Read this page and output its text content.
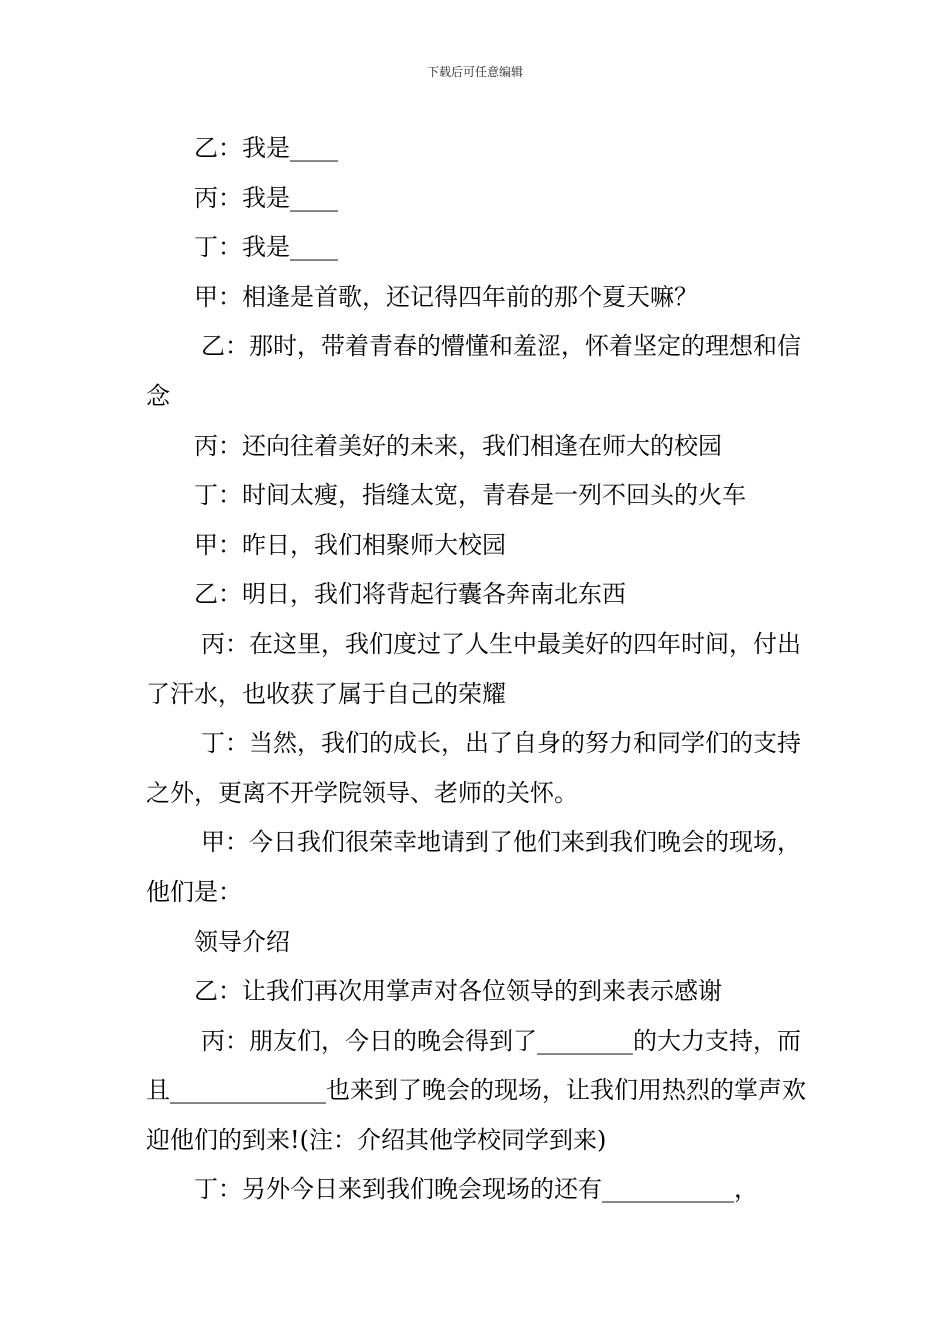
下载后可任意编辑

乙：我是____

丙：我是____

丁：我是____

甲：相逢是首歌，还记得四年前的那个夏天嘛？

乙：那时，带着青春的懵懂和羞涩，怀着坚定的理想和信念

丙：还向往着美好的未来，我们相逢在师大的校园

丁：时间太瘦，指缝太宽，青春是一列不回头的火车

甲：昨日，我们相聚师大校园

乙：明日，我们将背起行囊各奔南北东西

丙：在这里，我们度过了人生中最美好的四年时间，付出了汗水，也收获了属于自己的荣耀

丁：当然，我们的成长，出了自身的努力和同学们的支持之外，更离不开学院领导、老师的关怀。

甲：今日我们很荣幸地请到了他们来到我们晚会的现场，他们是：

领导介绍

乙：让我们再次用掌声对各位领导的到来表示感谢

丙：朋友们，今日的晚会得到了________的大力支持，而且_____________也来到了晚会的现场，让我们用热烈的掌声欢迎他们的到来!(注：介绍其他学校同学到来)

丁：另外今日来到我们晚会现场的还有___________，
